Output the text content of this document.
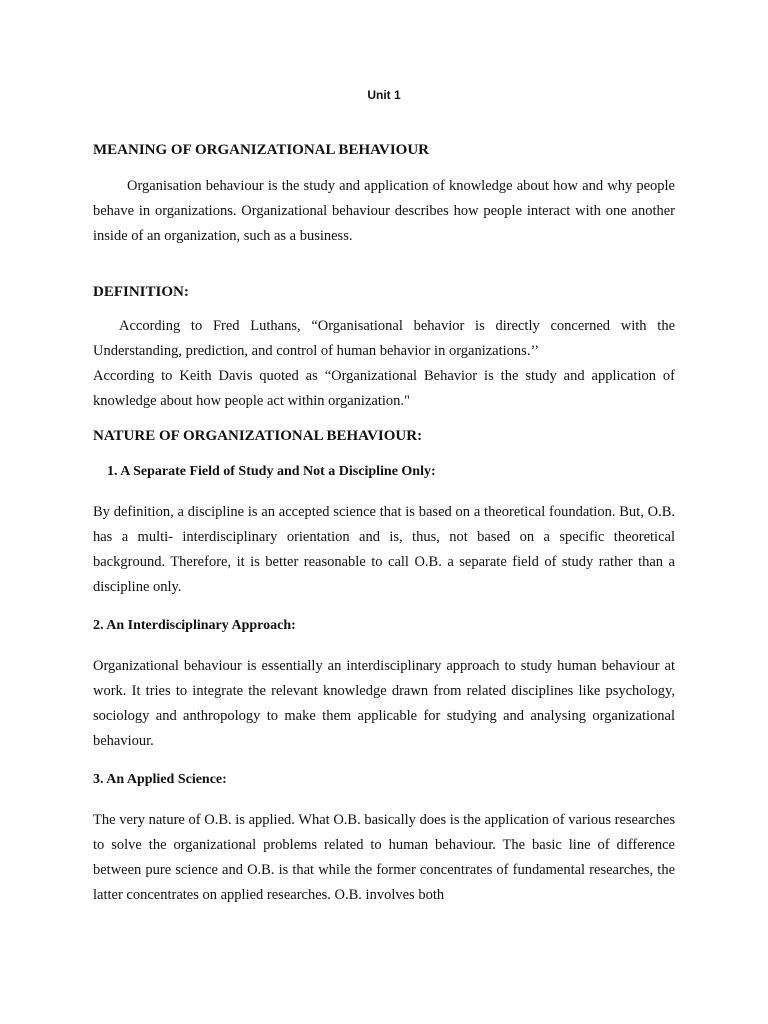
Unit 1
MEANING OF ORGANIZATIONAL BEHAVIOUR

Organisation behaviour is the study and application of knowledge about how and why people behave in organizations. Organizational behaviour describes how people interact with one another inside of an organization, such as a business.

DEFINITION:

According to Fred Luthans, “Organisational behavior is directly concerned with the Understanding, prediction, and control of human behavior in organizations.’’

According to Keith Davis quoted as “Organizational Behavior is the study and application of knowledge about how people act within organization."

NATURE OF ORGANIZATIONAL BEHAVIOUR:
1. A Separate Field of Study and Not a Discipline Only:

By definition, a discipline is an accepted science that is based on a theoretical foundation. But, O.B. has a multi- interdisciplinary orientation and is, thus, not based on a specific theoretical background. Therefore, it is better reasonable to call O.B. a separate field of study rather than a discipline only.

2. An Interdisciplinary Approach:

Organizational behaviour is essentially an interdisciplinary approach to study human behaviour at work. It tries to integrate the relevant knowledge drawn from related disciplines like psychology, sociology and anthropology to make them applicable for studying and analysing organizational behaviour.

3. An Applied Science:

The very nature of O.B. is applied. What O.B. basically does is the application of various researches to solve the organizational problems related to human behaviour. The basic line of difference between pure science and O.B. is that while the former concentrates of fundamental researches, the latter concentrates on applied researches. O.B. involves both
